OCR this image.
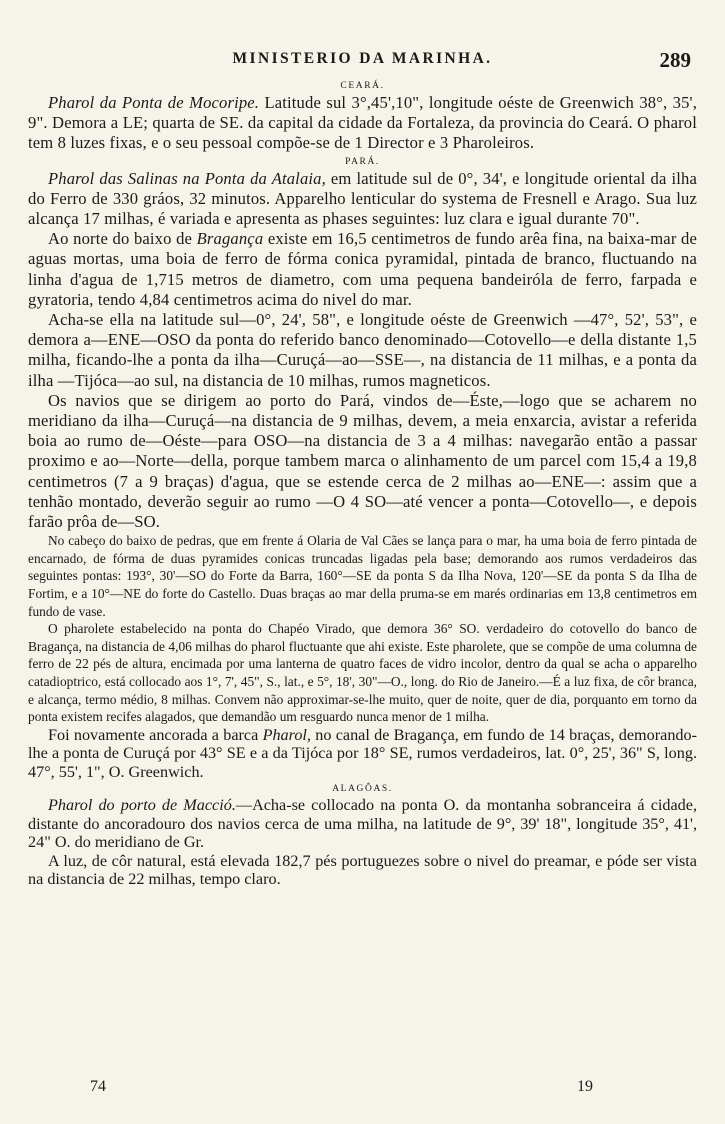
MINISTERIO DA MARINHA.	289
CEARÁ.

Pharol da Ponta de Mocoripe. Latitude sul 3°,45',10", longitude oéste de Greenwich 38°, 35', 9". Demora a LE; quarta de SE. da capital da cidade da Fortaleza, da provincia do Ceará. O pharol tem 8 luzes fixas, e o seu pessoal compõe-se de 1 Director e 3 Pharoleiros.

PARÁ.

Pharol das Salinas na Ponta da Atalaia, em latitude sul de 0°, 34', e longitude oriental da ilha do Ferro de 330 gráos, 32 minutos. Apparelho lenticular do systema de Fresnell e Arago. Sua luz alcança 17 milhas, é variada e apresenta as phases seguintes: luz clara e igual durante 70".

Ao norte do baixo de Bragança existe em 16,5 centimetros de fundo arêa fina, na baixa-mar de aguas mortas, uma boia de ferro de fórma conica pyramidal, pintada de branco, fluctuando na linha d'agua de 1,715 metros de diametro, com uma pequena bandeiróla de ferro, farpada e gyratoria, tendo 4,84 centimetros acima do nivel do mar.

Acha-se ella na latitude sul—0°, 24', 58", e longitude oéste de Greenwich —47°, 52', 53", e demora a—ENE—OSO da ponta do referido banco denominado—Cotovello—e della distante 1,5 milha, ficando-lhe a ponta da ilha—Curuçá—ao—SSE—, na distancia de 11 milhas, e a ponta da ilha —Tijóca—ao sul, na distancia de 10 milhas, rumos magneticos.

Os navios que se dirigem ao porto do Pará, vindos de—Éste,—logo que se acharem no meridiano da ilha—Curuçá—na distancia de 9 milhas, devem, a meia enxarcia, avistar a referida boia ao rumo de—Oéste—para OSO—na distancia de 3 a 4 milhas: navegarão então a passar proximo e ao—Norte—della, porque tambem marca o alinhamento de um parcel com 15,4 a 19,8 centimetros (7 a 9 braças) d'agua, que se estende cerca de 2 milhas ao—ENE—: assim que a tenhão montado, deverão seguir ao rumo —O 4 SO—até vencer a ponta—Cotovello—, e depois farão prôa de—SO.

No cabeço do baixo de pedras, que em frente á Olaria de Val Cães se lança para o mar, ha uma boia de ferro pintada de encarnado, de fórma de duas pyramides conicas truncadas ligadas pela base; demorando aos rumos verdadeiros das seguintes pontas: 193°, 30'—SO do Forte da Barra, 160°—SE da ponta S da Ilha Nova, 120'—SE da ponta S da Ilha de Fortim, e a 10°—NE do forte do Castello. Duas braças ao mar della pruma-se em marés ordinarias em 13,8 centimetros em fundo de vase.

O pharolete estabelecido na ponta do Chapéo Virado, que demora 36° SO. verdadeiro do cotovello do banco de Bragança, na distancia de 4,06 milhas do pharol fluctuante que ahi existe. Este pharolete, que se compõe de uma columna de ferro de 22 pés de altura, encimada por uma lanterna de quatro faces de vidro incolor, dentro da qual se acha o apparelho catadioptrico, está collocado aos 1°, 7', 45", S., lat., e 5°, 18', 30"—O., long. do Rio de Janeiro.—É a luz fixa, de côr branca, e alcança, termo médio, 8 milhas. Convem não approximar-se-lhe muito, quer de noite, quer de dia, porquanto em torno da ponta existem recifes alagados, que demandão um resguardo nunca menor de 1 milha.

Foi novamente ancorada a barca Pharol, no canal de Bragança, em fundo de 14 braças, demorando-lhe a ponta de Curuçá por 43° SE e a da Tijóca por 18° SE, rumos verdadeiros, lat. 0°, 25', 36" S, long. 47°, 55', 1", O. Greenwich.

ALAGÔAS.

Pharol do porto de Macció.—Acha-se collocado na ponta O. da montanha sobranceira á cidade, distante do ancoradouro dos navios cerca de uma milha, na latitude de 9°, 39' 18", longitude 35°, 41', 24" O. do meridiano de Gr.

A luz, de côr natural, está elevada 182,7 pés portuguezes sobre o nivel do preamar, e póde ser vista na distancia de 22 milhas, tempo claro.

74	19
